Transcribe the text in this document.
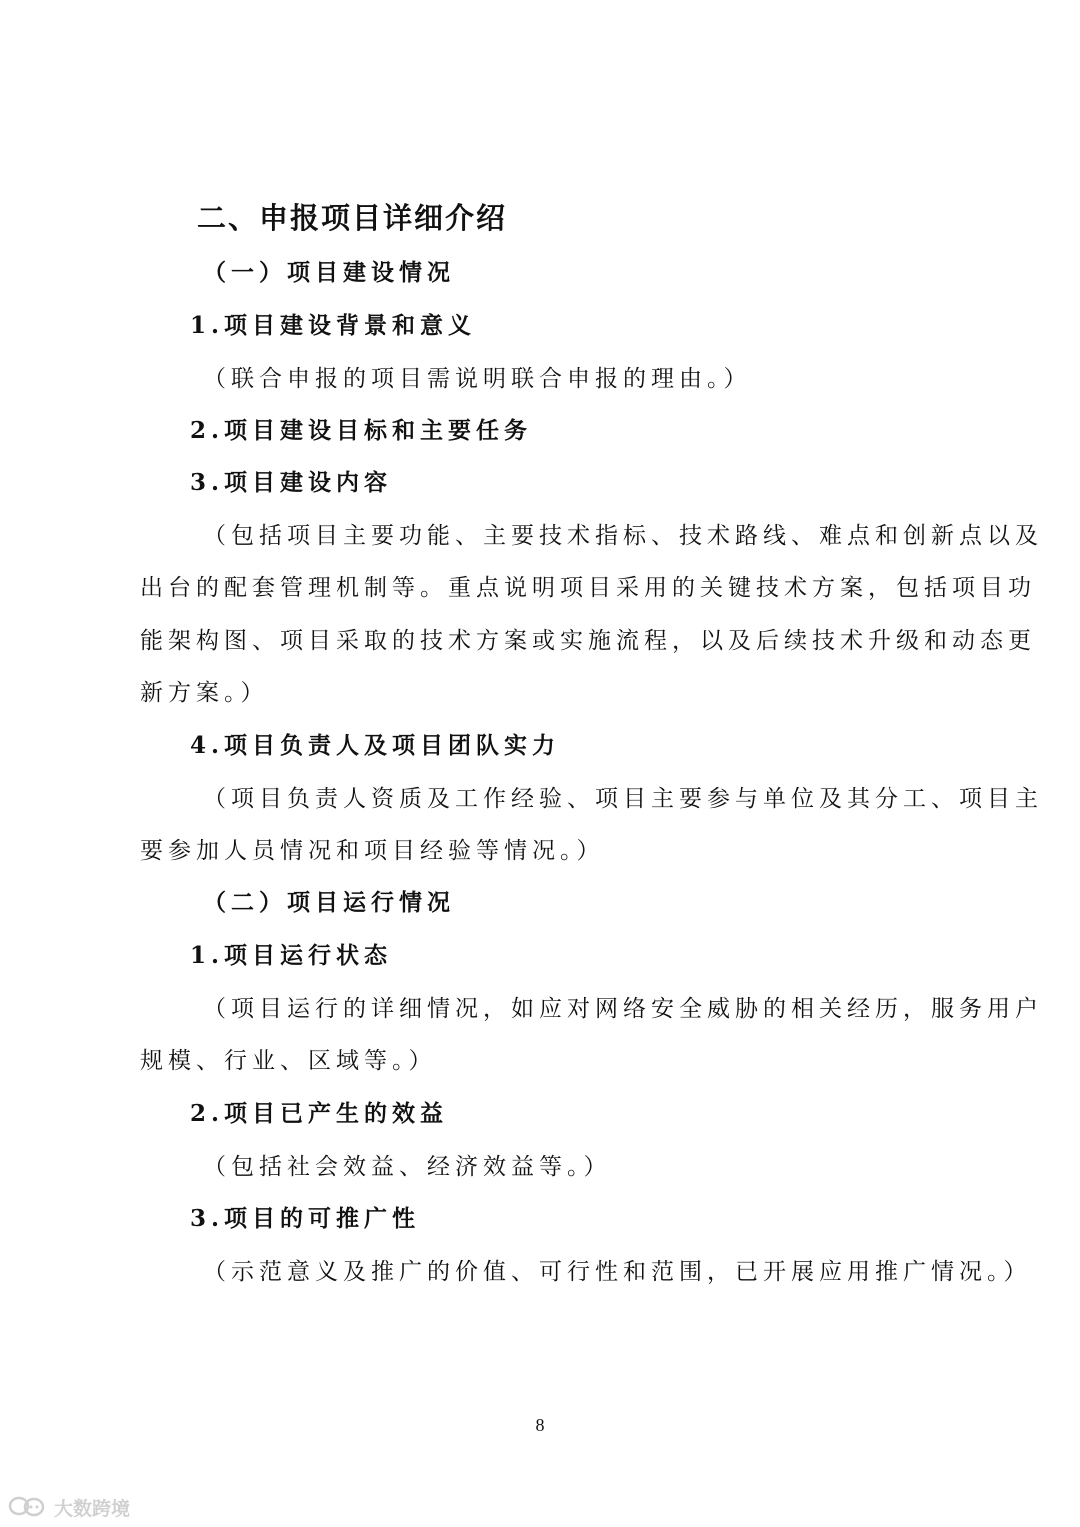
二、申报项目详细介绍
（一）项目建设情况
1.项目建设背景和意义
（联合申报的项目需说明联合申报的理由。）
2.项目建设目标和主要任务
3.项目建设内容
（包括项目主要功能、主要技术指标、技术路线、难点和创新点以及
出台的配套管理机制等。重点说明项目采用的关键技术方案，包括项目功
能架构图、项目采取的技术方案或实施流程，以及后续技术升级和动态更
新方案。）
4.项目负责人及项目团队实力
（项目负责人资质及工作经验、项目主要参与单位及其分工、项目主
要参加人员情况和项目经验等情况。）
（二）项目运行情况
1.项目运行状态
（项目运行的详细情况，如应对网络安全威胁的相关经历，服务用户
规模、行业、区域等。）
2.项目已产生的效益
（包括社会效益、经济效益等。）
3.项目的可推广性
（示范意义及推广的价值、可行性和范围，已开展应用推广情况。）
8
大数跨境
